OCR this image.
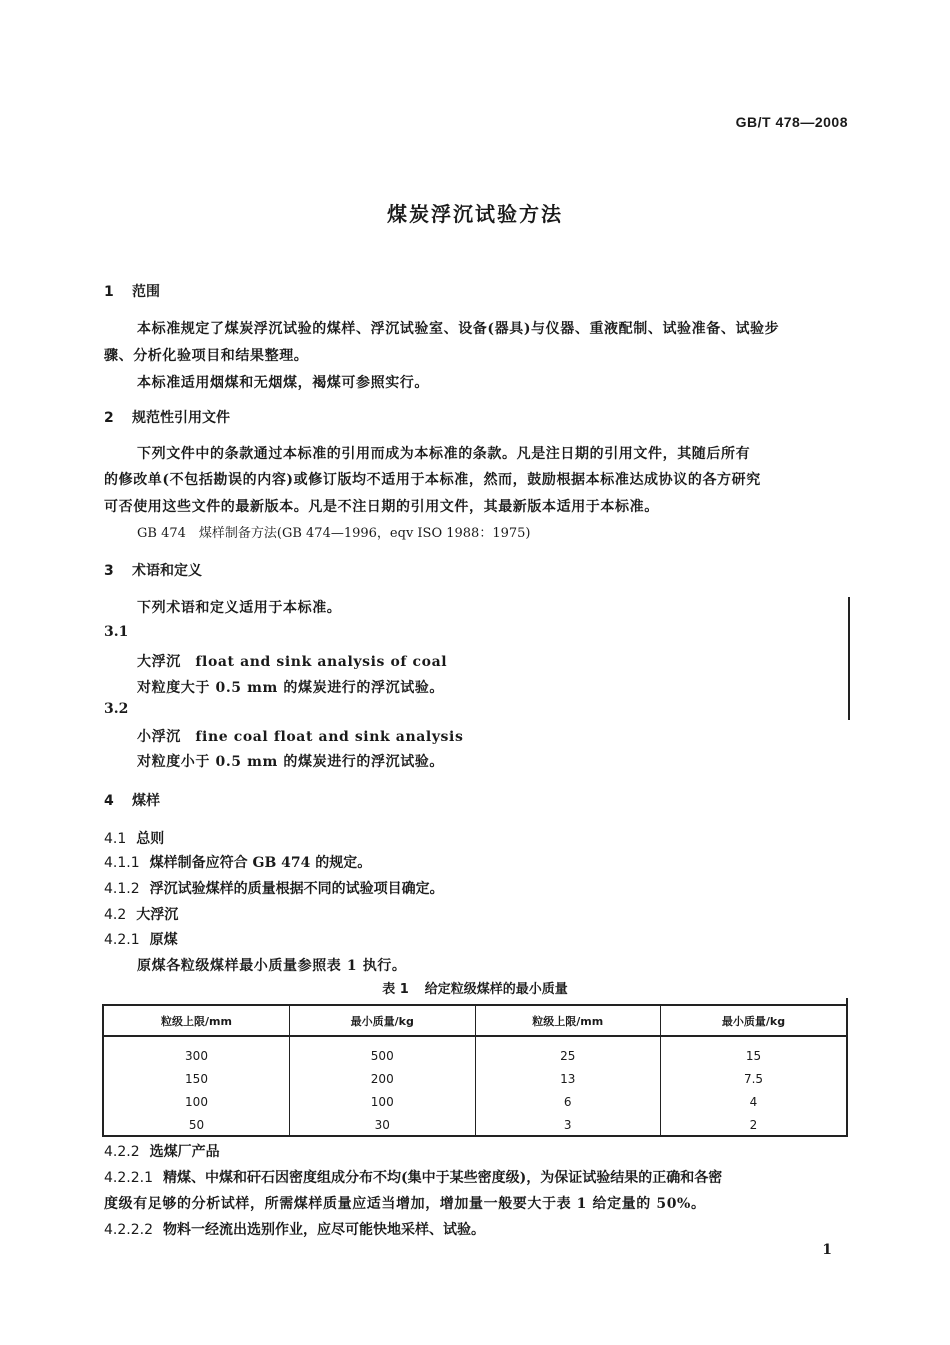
GB/T 478—2008
煤炭浮沉试验方法
1 范围
本标准规定了煤炭浮沉试验的煤样、浮沉试验室、设备(器具)与仪器、重液配制、试验准备、试验步
骤、分析化验项目和结果整理。
本标准适用烟煤和无烟煤，褐煤可参照实行。
2 规范性引用文件
下列文件中的条款通过本标准的引用而成为本标准的条款。凡是注日期的引用文件，其随后所有
的修改单(不包括勘误的内容)或修订版均不适用于本标准，然而，鼓励根据本标准达成协议的各方研究
可否使用这些文件的最新版本。凡是不注日期的引用文件，其最新版本适用于本标准。
GB 474　煤样制备方法(GB 474—1996，eqv ISO 1988：1975)
3 术语和定义
下列术语和定义适用于本标准。
3.1
大浮沉　float and sink analysis of coal
对粒度大于 0.5 mm 的煤炭进行的浮沉试验。
3.2
小浮沉　fine coal float and sink analysis
对粒度小于 0.5 mm 的煤炭进行的浮沉试验。
4 煤样
4.1 总则
4.1.1 煤样制备应符合 GB 474 的规定。
4.1.2 浮沉试验煤样的质量根据不同的试验项目确定。
4.2 大浮沉
4.2.1 原煤
原煤各粒级煤样最小质量参照表 1 执行。
表 1 给定粒级煤样的最小质量
粒级上限/mm	最小质量/kg	粒级上限/mm	最小质量/kg
300	500	25	15
150	200	13	7.5
100	100	6	4
50	30	3	2
4.2.2 选煤厂产品
4.2.2.1 精煤、中煤和矸石因密度组成分布不均(集中于某些密度级)，为保证试验结果的正确和各密
度级有足够的分析试样，所需煤样质量应适当增加，增加量一般要大于表 1 给定量的 50%。
4.2.2.2 物料一经流出选别作业，应尽可能快地采样、试验。
1
